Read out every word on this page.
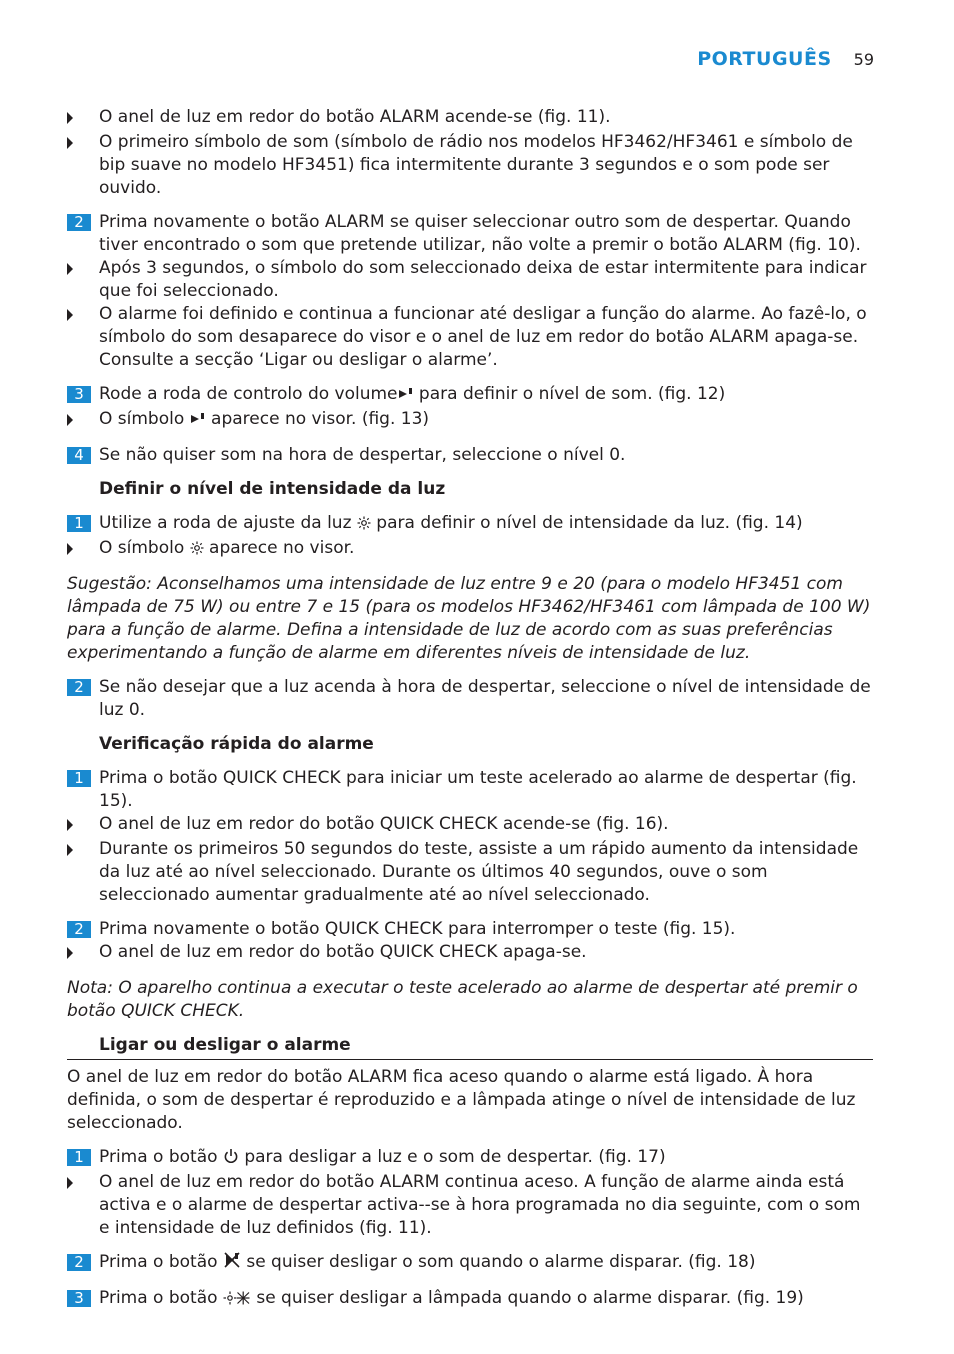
PORTUGUÊS 59
O anel de luz em redor do botão ALARM acende-se (fig. 11).
O primeiro símbolo de som (símbolo de rádio nos modelos HF3462/HF3461 e símbolo de bip suave no modelo HF3451) fica intermitente durante 3 segundos e o som pode ser ouvido.
2 Prima novamente o botão ALARM se quiser seleccionar outro som de despertar. Quando tiver encontrado o som que pretende utilizar, não volte a premir o botão ALARM (fig. 10).
Após 3 segundos, o símbolo do som seleccionado deixa de estar intermitente para indicar que foi seleccionado.
O alarme foi definido e continua a funcionar até desligar a função do alarme. Ao fazê-lo, o símbolo do som desaparece do visor e o anel de luz em redor do botão ALARM apaga-se. Consulte a secção ‘Ligar ou desligar o alarme’.
3 Rode a roda de controlo do volume para definir o nível de som. (fig. 12)
O símbolo  aparece no visor. (fig. 13)
4 Se não quiser som na hora de despertar, seleccione o nível 0.
Definir o nível de intensidade da luz
1 Utilize a roda de ajuste da luz  para definir o nível de intensidade da luz. (fig. 14)
O símbolo  aparece no visor.
Sugestão: Aconselhamos uma intensidade de luz entre 9 e 20 (para o modelo HF3451 com lâmpada de 75 W) ou entre 7 e 15 (para os modelos HF3462/HF3461 com lâmpada de 100 W) para a função de alarme. Defina a intensidade de luz de acordo com as suas preferências experimentando a função de alarme em diferentes níveis de intensidade de luz.
2 Se não desejar que a luz acenda à hora de despertar, seleccione o nível de intensidade de luz 0.
Verificação rápida do alarme
1 Prima o botão QUICK CHECK para iniciar um teste acelerado ao alarme de despertar (fig. 15).
O anel de luz em redor do botão QUICK CHECK acende-se (fig. 16).
Durante os primeiros 50 segundos do teste, assiste a um rápido aumento da intensidade da luz até ao nível seleccionado. Durante os últimos 40 segundos, ouve o som seleccionado aumentar gradualmente até ao nível seleccionado.
2 Prima novamente o botão QUICK CHECK para interromper o teste (fig. 15).
O anel de luz em redor do botão QUICK CHECK apaga-se.
Nota: O aparelho continua a executar o teste acelerado ao alarme de despertar até premir o botão QUICK CHECK.
Ligar ou desligar o alarme
O anel de luz em redor do botão ALARM fica aceso quando o alarme está ligado. À hora definida, o som de despertar é reproduzido e a lâmpada atinge o nível de intensidade de luz seleccionado.
1 Prima o botão  para desligar a luz e o som de despertar. (fig. 17)
O anel de luz em redor do botão ALARM continua aceso. A função de alarme ainda está activa e o alarme de despertar activa--se à hora programada no dia seguinte, com o som e intensidade de luz definidos (fig. 11).
2 Prima o botão  se quiser desligar o som quando o alarme disparar. (fig. 18)
3 Prima o botão  se quiser desligar a lâmpada quando o alarme disparar. (fig. 19)
